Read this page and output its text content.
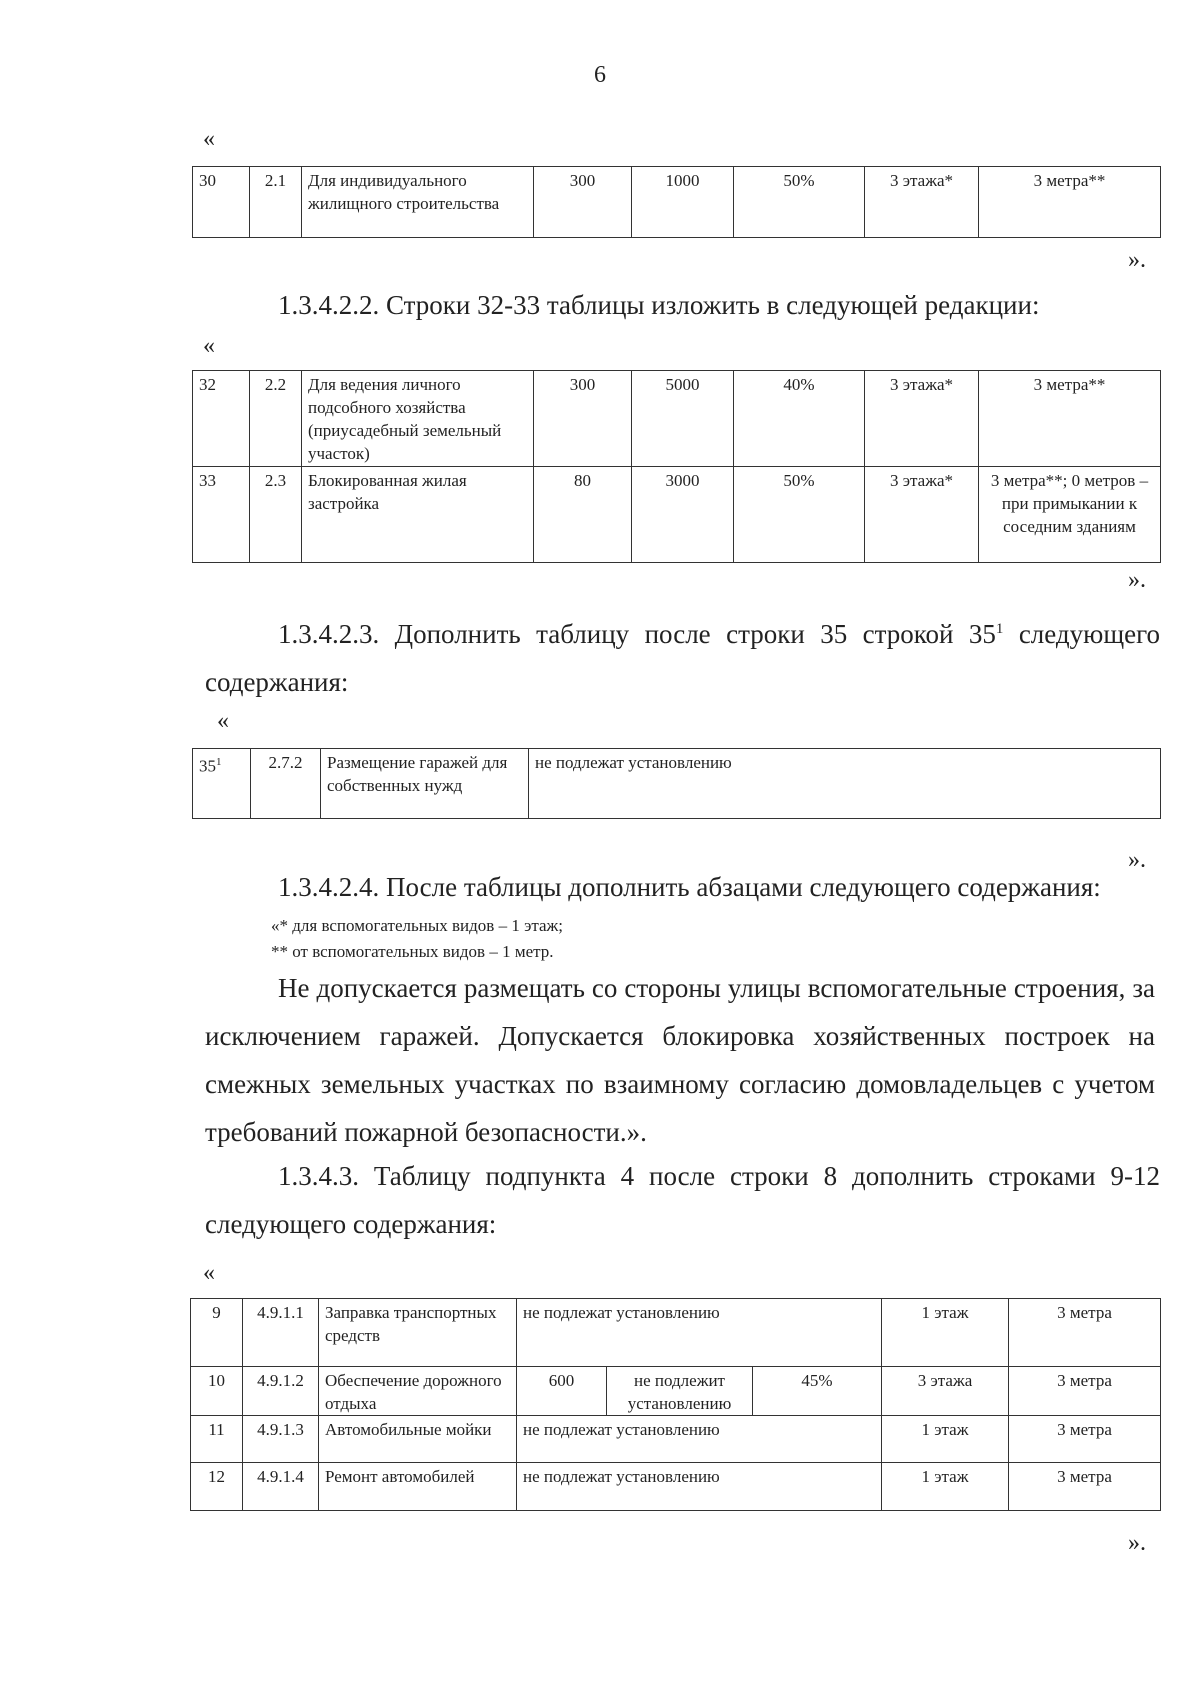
6
«
30	2.1	Для индивидуального жилищного строительства	300	1000	50%	3 этажа*	3 метра**
».
1.3.4.2.2. Строки 32-33 таблицы изложить в следующей редакции:
«
32	2.2	Для ведения личного подсобного хозяйства (приусадебный земельный участок)	300	5000	40%	3 этажа*	3 метра**
33	2.3	Блокированная жилая застройка	80	3000	50%	3 этажа*	3 метра**; 0 метров – при примыкании к соседним зданиям
».
1.3.4.2.3. Дополнить таблицу после строки 35 строкой $35^1$ следующего содержания:
«
$35^1$	2.7.2	Размещение гаражей для собственных нужд	не подлежат установлению
».
1.3.4.2.4. После таблицы дополнить абзацами следующего содержания:
«* для вспомогательных видов – 1 этаж;
** от вспомогательных видов – 1 метр.
Не допускается размещать со стороны улицы вспомогательные строения, за исключением гаражей. Допускается блокировка хозяйственных построек на смежных земельных участках по взаимному согласию домовладельцев с учетом требований пожарной безопасности.».
1.3.4.3. Таблицу подпункта 4 после строки 8 дополнить строками 9-12 следующего содержания:
«
9	4.9.1.1	Заправка транспортных средств	не подлежат установлению			1 этаж	3 метра
10	4.9.1.2	Обеспечение дорожного отдыха	600	не подлежит установлению	45%	3 этажа	3 метра
11	4.9.1.3	Автомобильные мойки	не подлежат установлению			1 этаж	3 метра
12	4.9.1.4	Ремонт автомобилей	не подлежат установлению			1 этаж	3 метра
».
